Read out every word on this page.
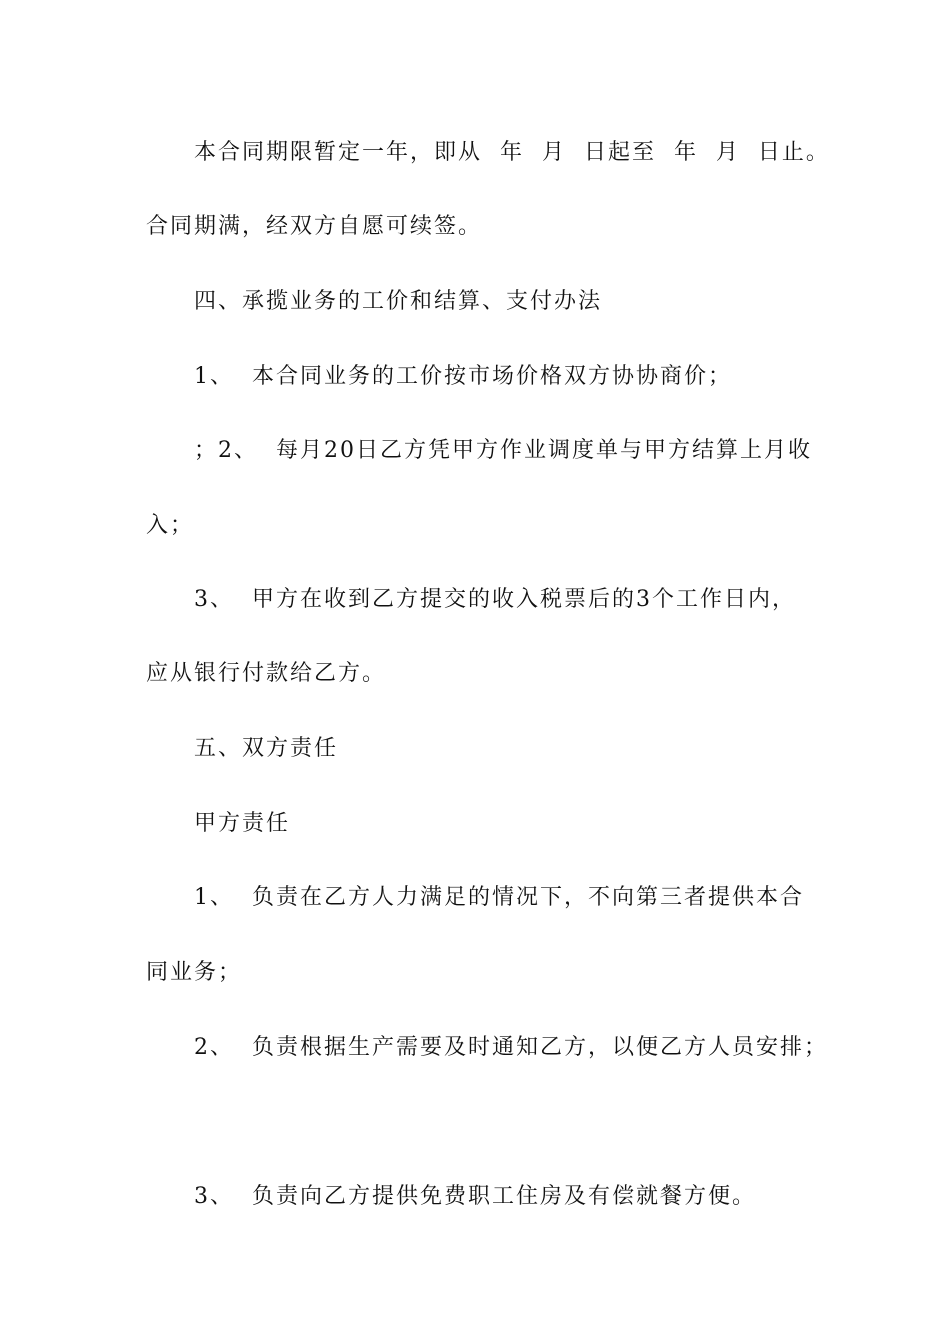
本合同期限暂定一年，即从  年  月  日起至  年  月  日止。
合同期满，经双方自愿可续签。
四、承揽业务的工价和结算、支付办法
1、  本合同业务的工价按市场价格双方协协商价；
；2、  每月20日乙方凭甲方作业调度单与甲方结算上月收
入；
3、  甲方在收到乙方提交的收入税票后的3个工作日内，
应从银行付款给乙方。
五、双方责任
甲方责任
1、  负责在乙方人力满足的情况下，不向第三者提供本合
同业务；
2、  负责根据生产需要及时通知乙方，以便乙方人员安排；
3、  负责向乙方提供免费职工住房及有偿就餐方便。
